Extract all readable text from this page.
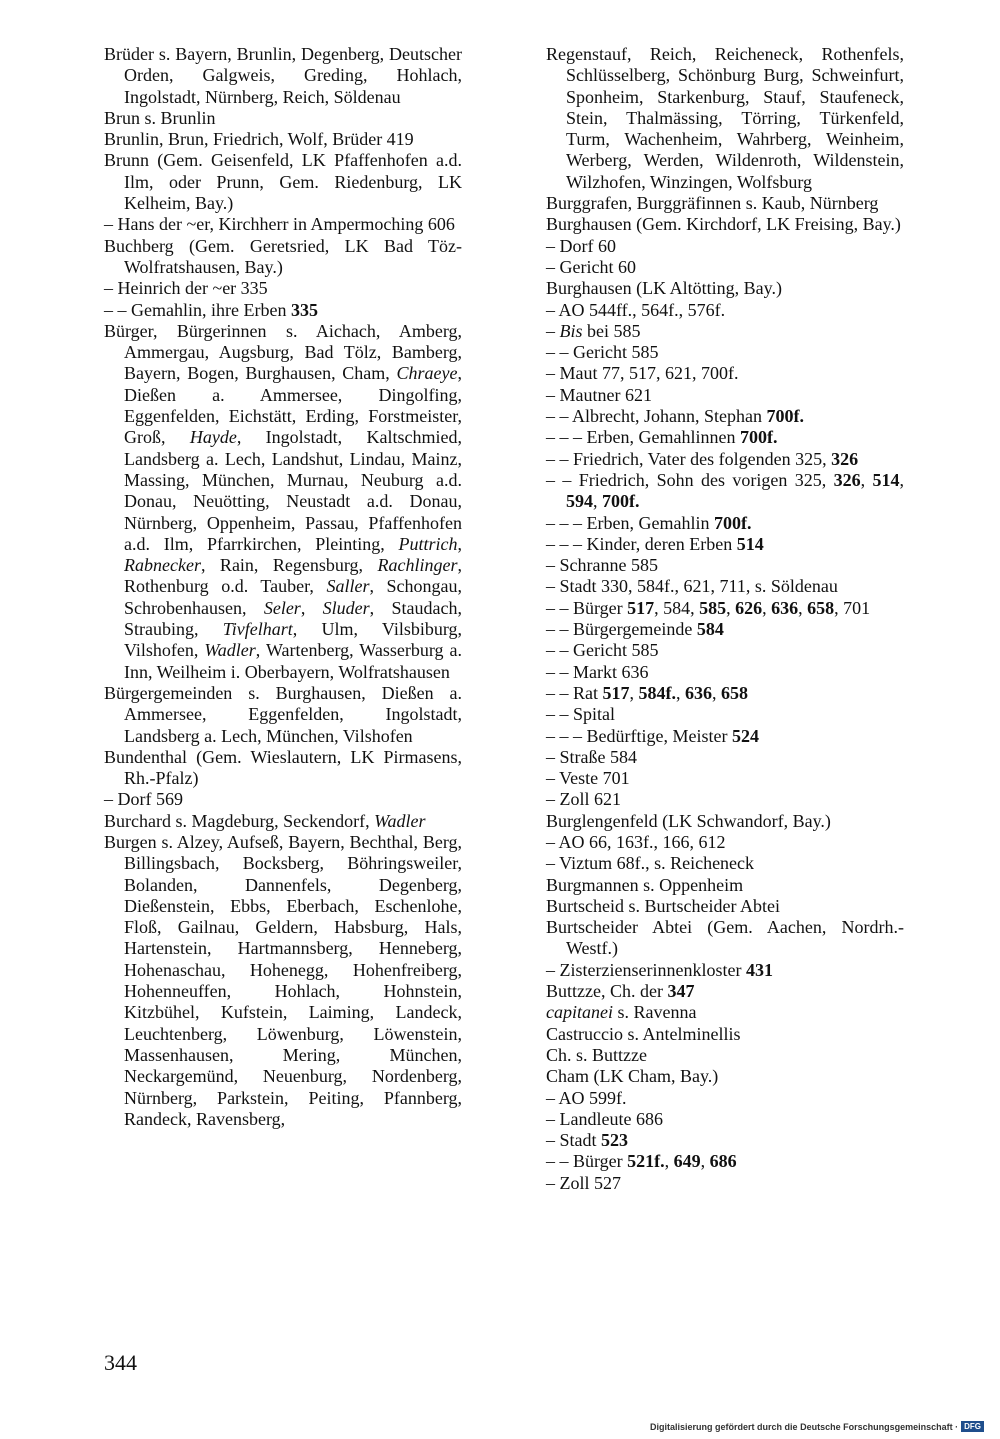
Brüder s. Bayern, Brunlin, Degenberg, Deutscher Orden, Galgweis, Greding, Hohlach, Ingolstadt, Nürnberg, Reich, Söldenau
Brun s. Brunlin
Brunlin, Brun, Friedrich, Wolf, Brüder 419
Brunn (Gem. Geisenfeld, LK Pfaffenhofen a.d. Ilm, oder Prunn, Gem. Riedenburg, LK Kelheim, Bay.)
– Hans der ~er, Kirchherr in Ampermoching 606
Buchberg (Gem. Geretsried, LK Bad Töz-Wolfratshausen, Bay.)
– Heinrich der ~er 335
– – Gemahlin, ihre Erben 335
Bürger, Bürgerinnen s. Aichach, Amberg, Ammergau, Augsburg, Bad Tölz, Bamberg, Bayern, Bogen, Burghausen, Cham, Chraeye, Dießen a. Ammersee, Dingolfing, Eggenfelden, Eichstätt, Erding, Forstmeister, Groß, Hayde, Ingolstadt, Kaltschmied, Landsberg a. Lech, Landshut, Lindau, Mainz, Massing, München, Murnau, Neuburg a.d. Donau, Neuötting, Neustadt a.d. Donau, Nürnberg, Oppenheim, Passau, Pfaffenhofen a.d. Ilm, Pfarrkirchen, Pleinting, Puttrich, Rabnecker, Rain, Regensburg, Rachlinger, Rothenburg o.d. Tauber, Saller, Schongau, Schrobenhausen, Seler, Sluder, Staudach, Straubing, Tivfelhart, Ulm, Vilsbiburg, Vilshofen, Wadler, Wartenberg, Wasserburg a. Inn, Weilheim i. Oberbayern, Wolfratshausen
Bürgergemeinden s. Burghausen, Dießen a. Ammersee, Eggenfelden, Ingolstadt, Landsberg a. Lech, München, Vilshofen
Bundenthal (Gem. Wieslautern, LK Pirmasens, Rh.-Pfalz)
– Dorf 569
Burchard s. Magdeburg, Seckendorf, Wadler
Burgen s. Alzey, Aufseß, Bayern, Bechthal, Berg, Billingsbach, Bocksberg, Böhringsweiler, Bolanden, Dannenfels, Degenberg, Dießenstein, Ebbs, Eberbach, Eschenlohe, Floß, Gailnau, Geldern, Habsburg, Hals, Hartenstein, Hartmannsberg, Henneberg, Hohenaschau, Hohenegg, Hohenfreiberg, Hohenneuffen, Hohlach, Hohnstein, Kitzbühel, Kufstein, Laiming, Landeck, Leuchtenberg, Löwenburg, Löwenstein, Massenhausen, Mering, München, Neckargemünd, Neuenburg, Nordenberg, Nürnberg, Parkstein, Peiting, Pfannberg, Randeck, Ravensberg,
Regenstauf, Reich, Reicheneck, Rothenfels, Schlüsselberg, Schönburg Burg, Schweinfurt, Sponheim, Starkenburg, Stauf, Staufeneck, Stein, Thalmässing, Törring, Türkenfeld, Turm, Wachenheim, Wahrberg, Weinheim, Werberg, Werden, Wildenroth, Wildenstein, Wilzhofen, Winzingen, Wolfsburg
Burggrafen, Burggräfinnen s. Kaub, Nürnberg
Burghausen (Gem. Kirchdorf, LK Freising, Bay.)
– Dorf 60
– Gericht 60
Burghausen (LK Altötting, Bay.)
– AO 544ff., 564f., 576f.
– Bis bei 585
– – Gericht 585
– Maut 77, 517, 621, 700f.
– Mautner 621
– – Albrecht, Johann, Stephan 700f.
– – – Erben, Gemahlinnen 700f.
– – Friedrich, Vater des folgenden 325, 326
– – Friedrich, Sohn des vorigen 325, 326, 514, 594, 700f.
– – – Erben, Gemahlin 700f.
– – – Kinder, deren Erben 514
– Schranne 585
– Stadt 330, 584f., 621, 711, s. Söldenau
– – Bürger 517, 584, 585, 626, 636, 658, 701
– – Bürgergemeinde 584
– – Gericht 585
– – Markt 636
– – Rat 517, 584f., 636, 658
– – Spital
– – – Bedürftige, Meister 524
– Straße 584
– Veste 701
– Zoll 621
Burglengenfeld (LK Schwandorf, Bay.)
– AO 66, 163f., 166, 612
– Viztum 68f., s. Reicheneck
Burgmannen s. Oppenheim
Burtscheid s. Burtscheider Abtei
Burtscheider Abtei (Gem. Aachen, Nordrh.-Westf.)
– Zisterzienserinnenkloster 431
Buttzze, Ch. der 347
capitanei s. Ravenna
Castruccio s. Antelminellis
Ch. s. Buttzze
Cham (LK Cham, Bay.)
– AO 599f.
– Landleute 686
– Stadt 523
– – Bürger 521f., 649, 686
– Zoll 527
344
Digitalisierung gefördert durch die Deutsche Forschungsgemeinschaft · DFG
